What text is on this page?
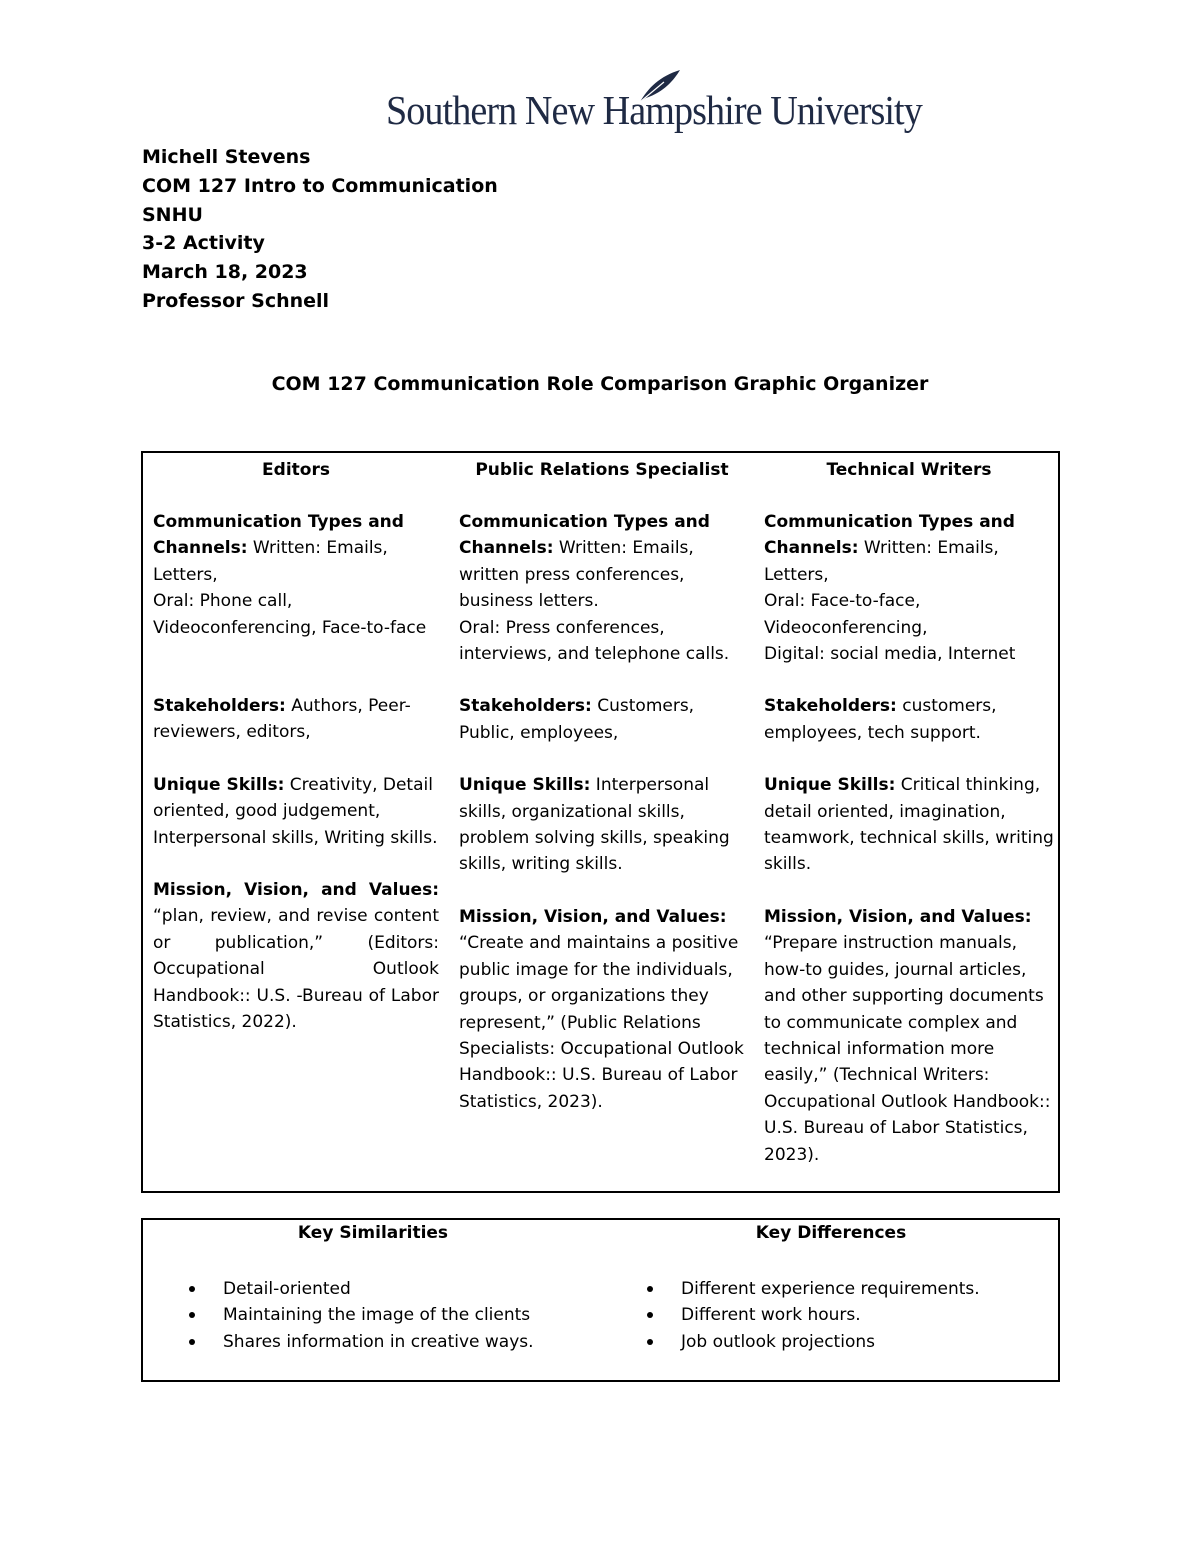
Southern New Hampshire University
Michell Stevens
COM 127 Intro to Communication
SNHU
3-2 Activity
March 18, 2023
Professor Schnell
COM 127 Communication Role Comparison Graphic Organizer
Editors
Communication Types and Channels: Written: Emails, Letters,
Oral: Phone call, Videoconferencing, Face-to-face
Stakeholders: Authors, Peer-reviewers, editors,
Unique Skills: Creativity, Detail oriented, good judgement, Interpersonal skills, Writing skills.
Mission, Vision, and Values: “plan, review, and revise content or publication,” (Editors: Occupational Outlook Handbook:: U.S. -Bureau of Labor Statistics, 2022).
Public Relations Specialist
Communication Types and Channels: Written: Emails, written press conferences, business letters.
Oral: Press conferences, interviews, and telephone calls.
Stakeholders: Customers, Public, employees,
Unique Skills: Interpersonal skills, organizational skills, problem solving skills, speaking skills, writing skills.
Mission, Vision, and Values: “Create and maintains a positive public image for the individuals, groups, or organizations they represent,” (Public Relations Specialists: Occupational Outlook Handbook:: U.S. Bureau of Labor Statistics, 2023).
Technical Writers
Communication Types and Channels: Written: Emails, Letters,
Oral: Face-to-face, Videoconferencing,
Digital: social media, Internet
Stakeholders: customers, employees, tech support.
Unique Skills: Critical thinking, detail oriented, imagination, teamwork, technical skills, writing skills.
Mission, Vision, and Values: “Prepare instruction manuals, how-to guides, journal articles, and other supporting documents to communicate complex and technical information more easily,” (Technical Writers: Occupational Outlook Handbook:: U.S. Bureau of Labor Statistics, 2023).
Key Similarities	Key Differences
Detail-oriented
Maintaining the image of the clients
Shares information in creative ways.
Different experience requirements.
Different work hours.
Job outlook projections
